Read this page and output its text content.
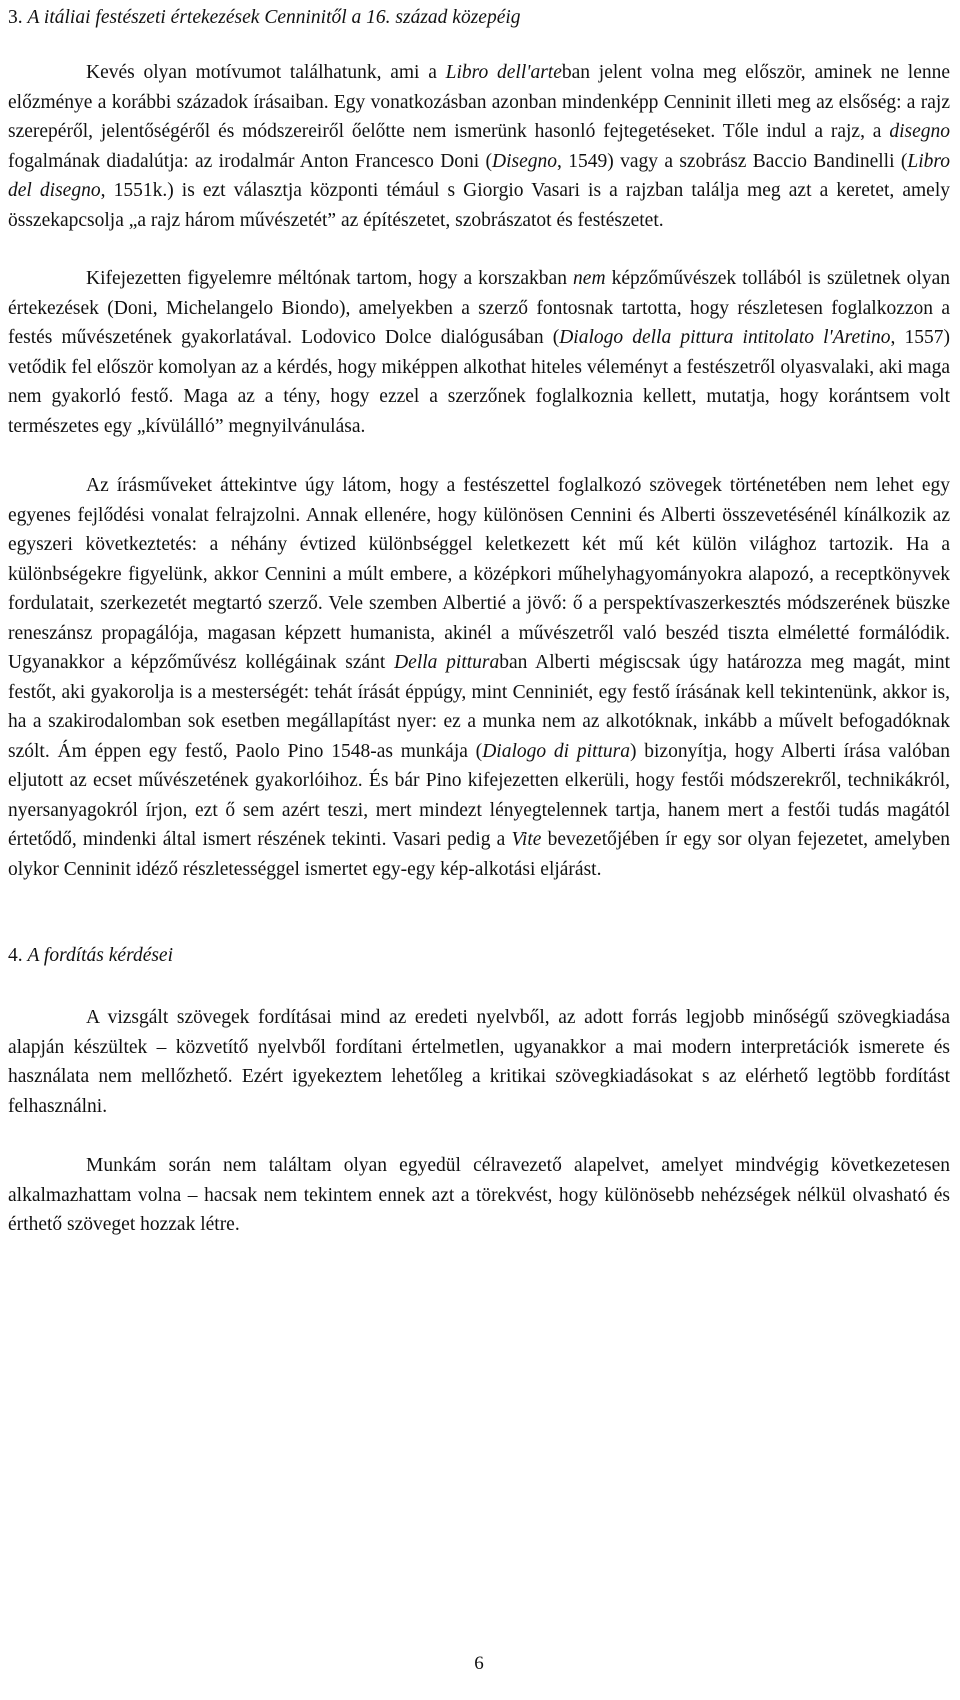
3. A itáliai festészeti értekezések Cenninitől a 16. század közepéig

Kevés olyan motívumot találhatunk, ami a Libro dell'arteban jelent volna meg először, aminek ne lenne előzménye a korábbi századok írásaiban. Egy vonatkozásban azonban mindenképp Cenninit illeti meg az elsőség: a rajz szerepéről, jelentőségéről és módszereiről őelőtte nem ismerünk hasonló fejtegetéseket. Tőle indul a rajz, a disegno fogalmának diadalútja: az irodalmár Anton Francesco Doni (Disegno, 1549) vagy a szobrász Baccio Bandinelli (Libro del disegno, 1551k.) is ezt választja központi témául s Giorgio Vasari is a rajzban találja meg azt a keretet, amely összekapcsolja „a rajz három művészetét” az építészetet, szobrászatot és festészetet.

Kifejezetten figyelemre méltónak tartom, hogy a korszakban nem képzőművészek tollából is születnek olyan értekezések (Doni, Michelangelo Biondo), amelyekben a szerző fontosnak tartotta, hogy részletesen foglalkozzon a festés művészetének gyakorlatával. Lodovico Dolce dialógusában (Dialogo della pittura intitolato l'Aretino, 1557) vetődik fel először komolyan az a kérdés, hogy miképpen alkothat hiteles véleményt a festészetről olyasvalaki, aki maga nem gyakorló festő. Maga az a tény, hogy ezzel a szerzőnek foglalkoznia kellett, mutatja, hogy korántsem volt természetes egy „kívülálló” megnyilvánulása.

Az írásműveket áttekintve úgy látom, hogy a festészettel foglalkozó szövegek történetében nem lehet egy egyenes fejlődési vonalat felrajzolni. Annak ellenére, hogy különösen Cennini és Alberti összevetésénél kínálkozik az egyszeri következtetés: a néhány évtized különbséggel keletkezett két mű két külön világhoz tartozik. Ha a különbségekre figyelünk, akkor Cennini a múlt embere, a középkori műhelyhagyományokra alapozó, a receptkönyvek fordulatait, szerkezetét megtartó szerző. Vele szemben Albertié a jövő: ő a perspektívaszerkesztés módszerének büszke reneszánsz propagálója, magasan képzett humanista, akinél a művészetről való beszéd tiszta elméletté formálódik. Ugyanakkor a képzőművész kollégáinak szánt Della pitturaban Alberti mégiscsak úgy határozza meg magát, mint festőt, aki gyakorolja is a mesterségét: tehát írását éppúgy, mint Cenniniét, egy festő írásának kell tekintenünk, akkor is, ha a szakirodalomban sok esetben megállapítást nyer: ez a munka nem az alkotóknak, inkább a művelt befogadóknak szólt. Ám éppen egy festő, Paolo Pino 1548-as munkája (Dialogo di pittura) bizonyítja, hogy Alberti írása valóban eljutott az ecset művészetének gyakorlóihoz. És bár Pino kifejezetten elkerüli, hogy festői módszerekről, technikákról, nyersanyagokról írjon, ezt ő sem azért teszi, mert mindezt lényegtelennek tartja, hanem mert a festői tudás magától értetődő, mindenki által ismert részének tekinti. Vasari pedig a Vite bevezetőjében ír egy sor olyan fejezetet, amelyben olykor Cenninit idéző részletességgel ismertet egy-egy kép-alkotási eljárást.

4. A fordítás kérdései

A vizsgált szövegek fordításai mind az eredeti nyelvből, az adott forrás legjobb minőségű szövegkiadása alapján készültek – közvetítő nyelvből fordítani értelmetlen, ugyanakkor a mai modern interpretációk ismerete és használata nem mellőzhető. Ezért igyekeztem lehetőleg a kritikai szövegkiadásokat s az elérhető legtöbb fordítást felhasználni.

Munkám során nem találtam olyan egyedül célravezető alapelvet, amelyet mindvégig következetesen alkalmazhattam volna – hacsak nem tekintem ennek azt a törekvést, hogy különösebb nehézségek nélkül olvasható és érthető szöveget hozzak létre.

6
